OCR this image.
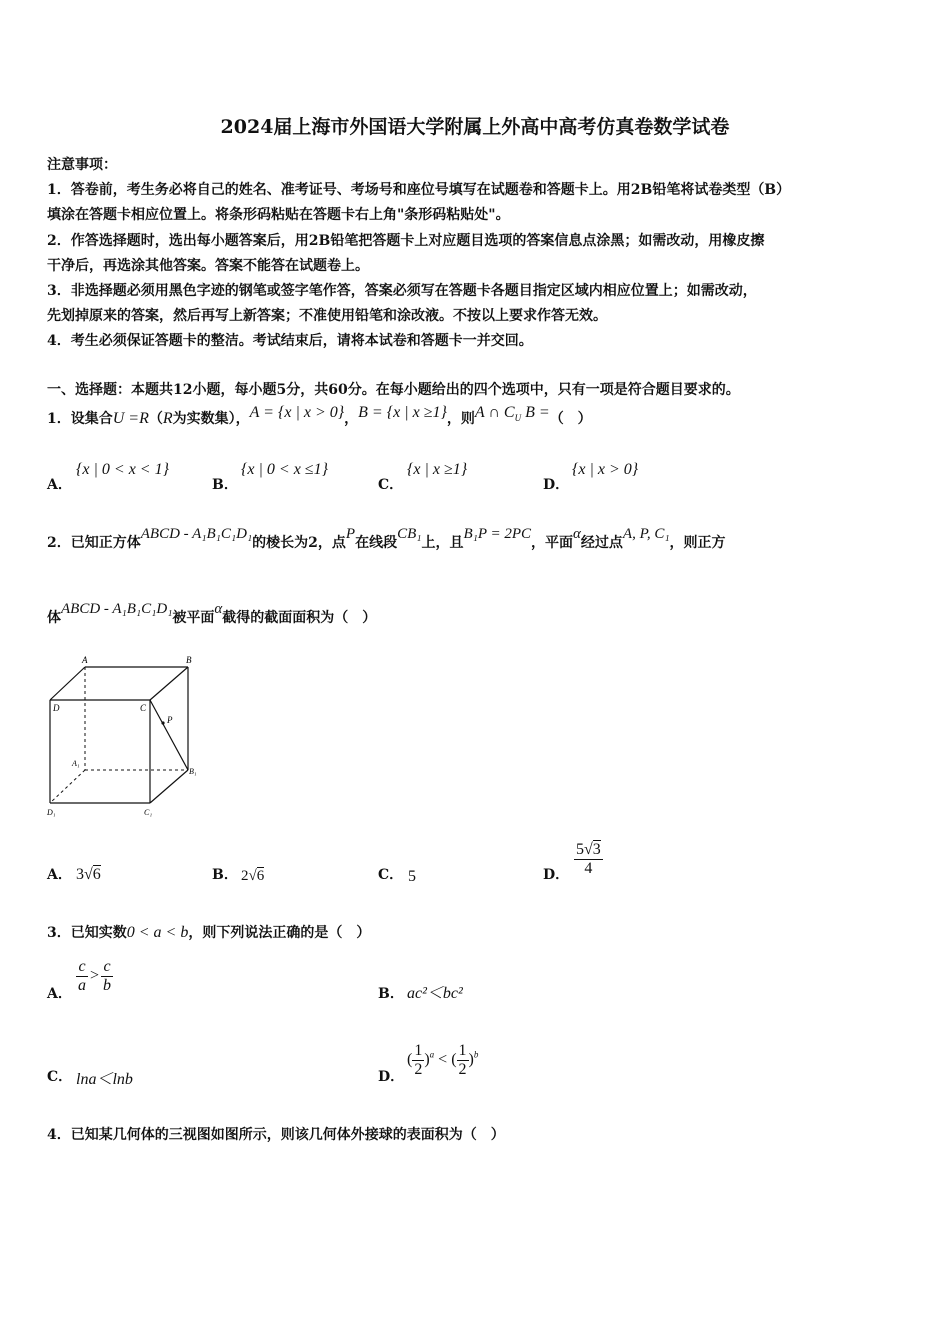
2024届上海市外国语大学附属上外高中高考仿真卷数学试卷
注意事项：
1．答卷前，考生务必将自己的姓名、准考证号、考场号和座位号填写在试题卷和答题卡上。用2B铅笔将试卷类型（B）
填涂在答题卡相应位置上。将条形码粘贴在答题卡右上角"条形码粘贴处"。
2．作答选择题时，选出每小题答案后，用2B铅笔把答题卡上对应题目选项的答案信息点涂黑；如需改动，用橡皮擦
干净后，再选涂其他答案。答案不能答在试题卷上。
3．非选择题必须用黑色字迹的钢笔或签字笔作答，答案必须写在答题卡各题目指定区域内相应位置上；如需改动，
先划掉原来的答案，然后再写上新答案；不准使用铅笔和涂改液。不按以上要求作答无效。
4．考生必须保证答题卡的整洁。考试结束后，请将本试卷和答题卡一并交回。
一、选择题：本题共12小题，每小题5分，共60分。在每小题给出的四个选项中，只有一项是符合题目要求的。
1．设集合U =R（R为实数集），A = {x | x > 0}，B = {x | x ≥1}，则A ∩ $C_U$ B =（　）
A．
{x | 0 < x < 1}
B．
{x | 0 < x ≤1}
C．
{x | x ≥1}
D．
{x | x > 0}
2．已知正方体ABCD - A₁B₁C₁D₁的棱长为2，点P在线段CB₁上，且B₁P = 2PC，平面α经过点A, P, C₁，则正方
体ABCD - A₁B₁C₁D₁被平面α截得的截面面积为（　）
A	B
D	C
P
A₁
B₁
D₁	C₁
A． 3√6	B． 2√6	C． 5	D． $\frac{5√3}{4}$
3．已知实数0 < a < b，则下列说法正确的是（　）
A． $\frac{c}{a} > \frac{c}{b}$	B． ac²＜bc²
C． lna＜lnb	D．
( $\frac{1}{2} )^a$ < ( $\frac{1}{2} )^b$
4．已知某几何体的三视图如图所示，则该几何体外接球的表面积为（　）
